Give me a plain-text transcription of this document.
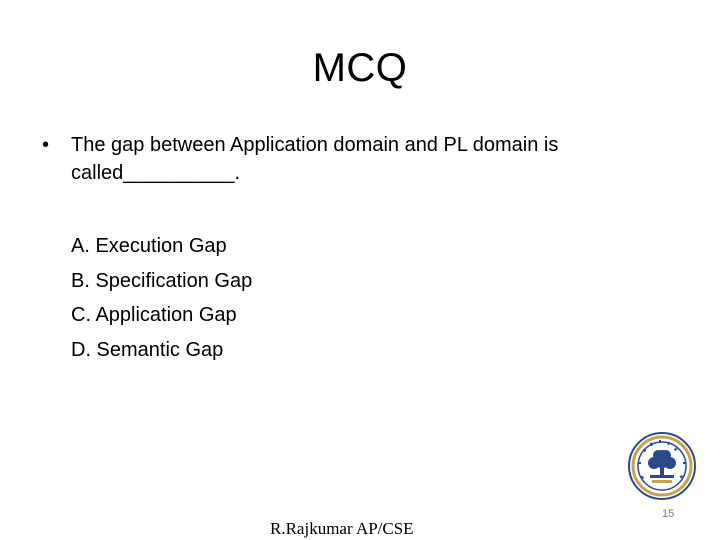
MCQ
• The gap between Application domain and PL domain is
called__________.
A. Execution Gap
B. Specification Gap
C. Application Gap
D. Semantic Gap
15
R.Rajkumar AP/CSE
